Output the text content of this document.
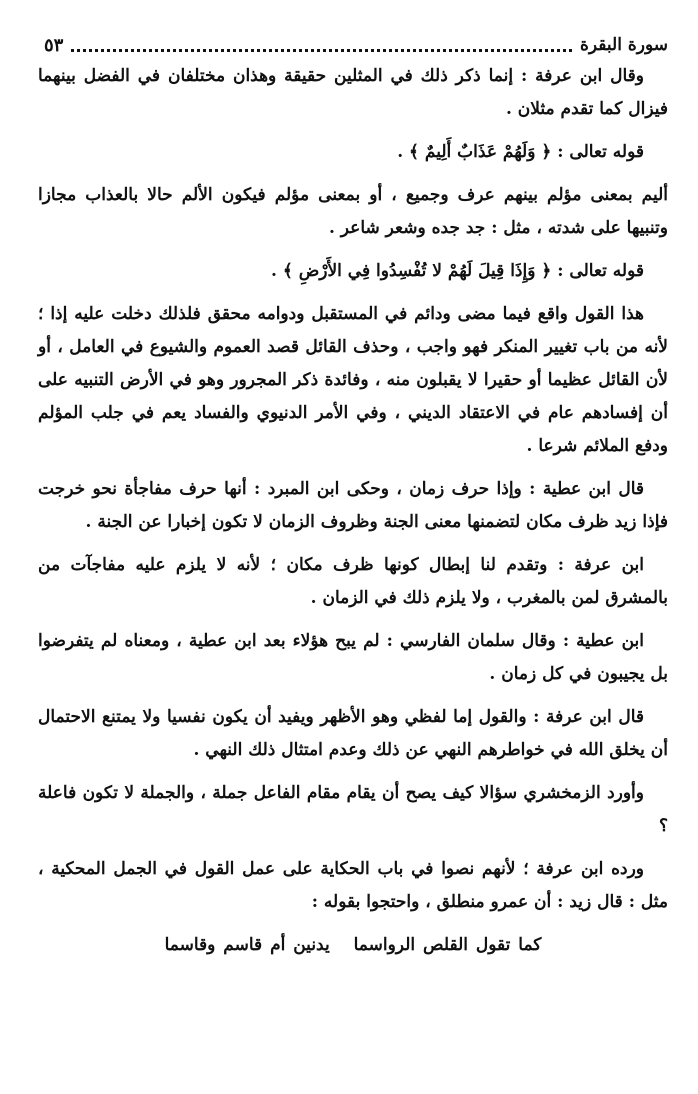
سورة البقرة
٥٣

وقال ابن عرفة : إنما ذكر ذلك في المثلين حقيقة وهذان مختلفان في الفضل بينهما فيزال كما تقدم مثلان .

قوله تعالى : ﴿ وَلَهُمْ عَذَابٌ أَلِيمٌ ﴾ .

أليم بمعنى مؤلم بينهم عرف وجميع ، أو بمعنى مؤلم فيكون الألم حالا بالعذاب مجازا وتنبيها على شدته ، مثل : جد جده وشعر شاعر .

قوله تعالى : ﴿ وَإِذَا قِيلَ لَهُمْ لا تُفْسِدُوا فِي الأَرْضِ ﴾ .

هذا القول واقع فيما مضى ودائم في المستقبل ودوامه محقق فلذلك دخلت عليه إذا ؛ لأنه من باب تغيير المنكر فهو واجب ، وحذف القائل قصد العموم والشيوع في العامل ، أو لأن القائل عظيما أو حقيرا لا يقبلون منه ، وفائدة ذكر المجرور وهو في الأرض التنبيه على أن إفسادهم عام في الاعتقاد الديني ، وفي الأمر الدنيوي والفساد يعم في جلب المؤلم ودفع الملائم شرعا .

قال ابن عطية : وإذا حرف زمان ، وحكى ابن المبرد : أنها حرف مفاجأة نحو خرجت فإذا زيد ظرف مكان لتضمنها معنى الجنة وظروف الزمان لا تكون إخبارا عن الجنة .

ابن عرفة : وتقدم لنا إبطال كونها ظرف مكان ؛ لأنه لا يلزم عليه مفاجآت من بالمشرق لمن بالمغرب ، ولا يلزم ذلك في الزمان .

ابن عطية : وقال سلمان الفارسي : لم يبح هؤلاء بعد ابن عطية ، ومعناه لم يتفرضوا بل يجيبون في كل زمان .

قال ابن عرفة : والقول إما لفظي وهو الأظهر ويفيد أن يكون نفسيا ولا يمتنع الاحتمال أن يخلق الله في خواطرهم النهي عن ذلك وعدم امتثال ذلك النهي .

وأورد الزمخشري سؤالا كيف يصح أن يقام مقام الفاعل جملة ، والجملة لا تكون فاعلة ؟

ورده ابن عرفة ؛ لأنهم نصوا في باب الحكاية على عمل القول في الجمل المحكية ، مثل : قال زيد : أن عمرو منطلق ، واحتجوا بقوله :

كما تقول القلص الرواسما يدنين أم قاسم وقاسما
